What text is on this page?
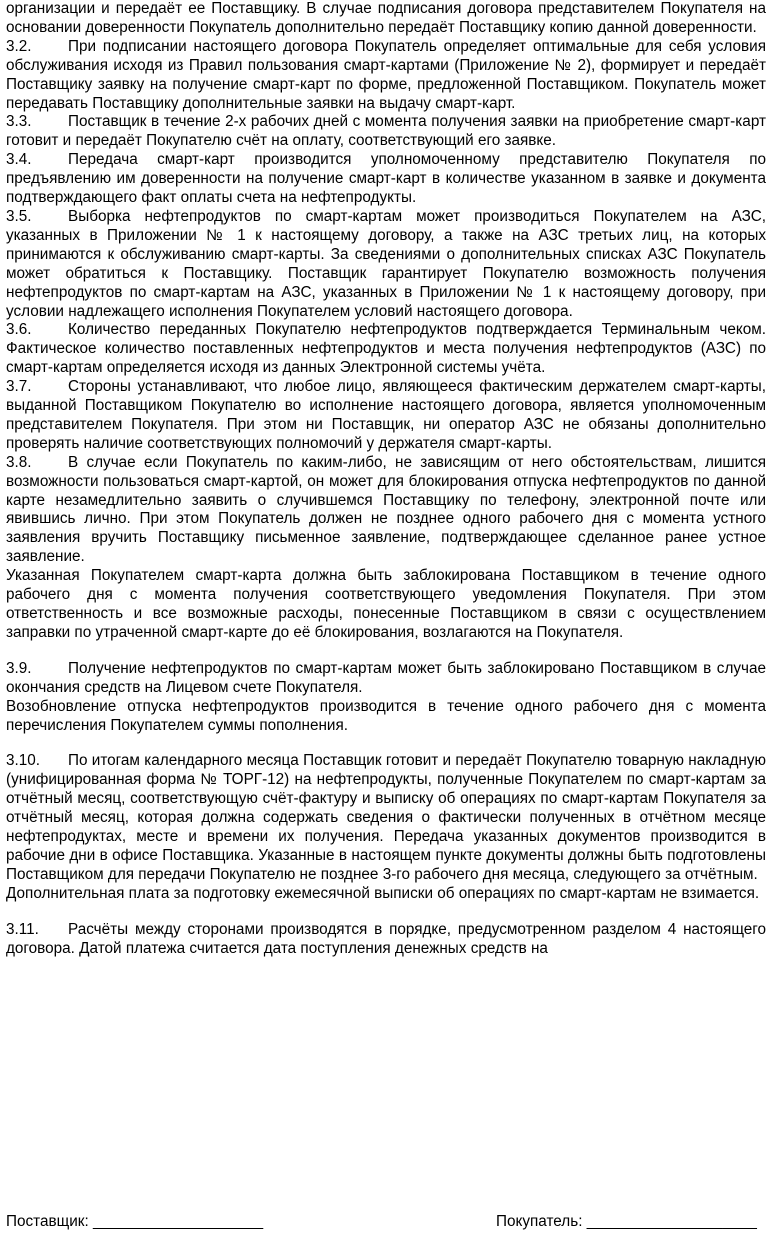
организации и передаёт ее Поставщику. В случае подписания договора представителем Покупателя на основании доверенности Покупатель дополнительно передаёт Поставщику копию данной доверенности.

3.2. При подписании настоящего договора Покупатель определяет оптимальные для себя условия обслуживания исходя из Правил пользования смарт-картами (Приложение № 2), формирует и передаёт Поставщику заявку на получение смарт-карт по форме, предложенной Поставщиком. Покупатель может передавать Поставщику дополнительные заявки на выдачу смарт-карт.

3.3. Поставщик в течение 2-х рабочих дней с момента получения заявки на приобретение смарт-карт готовит и передаёт Покупателю счёт на оплату, соответствующий его заявке.

3.4. Передача смарт-карт производится уполномоченному представителю Покупателя по предъявлению им доверенности на получение смарт-карт в количестве указанном в заявке и документа подтверждающего факт оплаты счета на нефтепродукты.

3.5. Выборка нефтепродуктов по смарт-картам может производиться Покупателем на АЗС, указанных в Приложении № 1 к настоящему договору, а также на АЗС третьих лиц, на которых принимаются к обслуживанию смарт-карты. За сведениями о дополнительных списках АЗС Покупатель может обратиться к Поставщику. Поставщик гарантирует Покупателю возможность получения нефтепродуктов по смарт-картам на АЗС, указанных в Приложении № 1 к настоящему договору, при условии надлежащего исполнения Покупателем условий настоящего договора.

3.6. Количество переданных Покупателю нефтепродуктов подтверждается Терминальным чеком. Фактическое количество поставленных нефтепродуктов и места получения нефтепродуктов (АЗС) по смарт-картам определяется исходя из данных Электронной системы учёта.

3.7. Стороны устанавливают, что любое лицо, являющееся фактическим держателем смарт-карты, выданной Поставщиком Покупателю во исполнение настоящего договора, является уполномоченным представителем Покупателя. При этом ни Поставщик, ни оператор АЗС не обязаны дополнительно проверять наличие соответствующих полномочий у держателя смарт-карты.

3.8. В случае если Покупатель по каким-либо, не зависящим от него обстоятельствам, лишится возможности пользоваться смарт-картой, он может для блокирования отпуска нефтепродуктов по данной карте незамедлительно заявить о случившемся Поставщику по телефону, электронной почте или явившись лично. При этом Покупатель должен не позднее одного рабочего дня с момента устного заявления вручить Поставщику письменное заявление, подтверждающее сделанное ранее устное заявление.

Указанная Покупателем смарт-карта должна быть заблокирована Поставщиком в течение одного рабочего дня с момента получения соответствующего уведомления Покупателя. При этом ответственность и все возможные расходы, понесенные Поставщиком в связи с осуществлением заправки по утраченной смарт-карте до её блокирования, возлагаются на Покупателя.

3.9. Получение нефтепродуктов по смарт-картам может быть заблокировано Поставщиком в случае окончания средств на Лицевом счете Покупателя.

Возобновление отпуска нефтепродуктов производится в течение одного рабочего дня с момента перечисления Покупателем суммы пополнения.

3.10. По итогам календарного месяца Поставщик готовит и передаёт Покупателю товарную накладную (унифицированная форма № ТОРГ-12) на нефтепродукты, полученные Покупателем по смарт-картам за отчётный месяц, соответствующую счёт-фактуру и выписку об операциях по смарт-картам Покупателя за отчётный месяц, которая должна содержать сведения о фактически полученных в отчётном месяце нефтепродуктах, месте и времени их получения. Передача указанных документов производится в рабочие дни в офисе Поставщика. Указанные в настоящем пункте документы должны быть подготовлены Поставщиком для передачи Покупателю не позднее 3-го рабочего дня месяца, следующего за отчётным.

Дополнительная плата за подготовку ежемесячной выписки об операциях по смарт-картам не взимается.

3.11. Расчёты между сторонами производятся в порядке, предусмотренном разделом 4 настоящего договора. Датой платежа считается дата поступления денежных средств на

Поставщик: ____________________	Покупатель: ____________________
